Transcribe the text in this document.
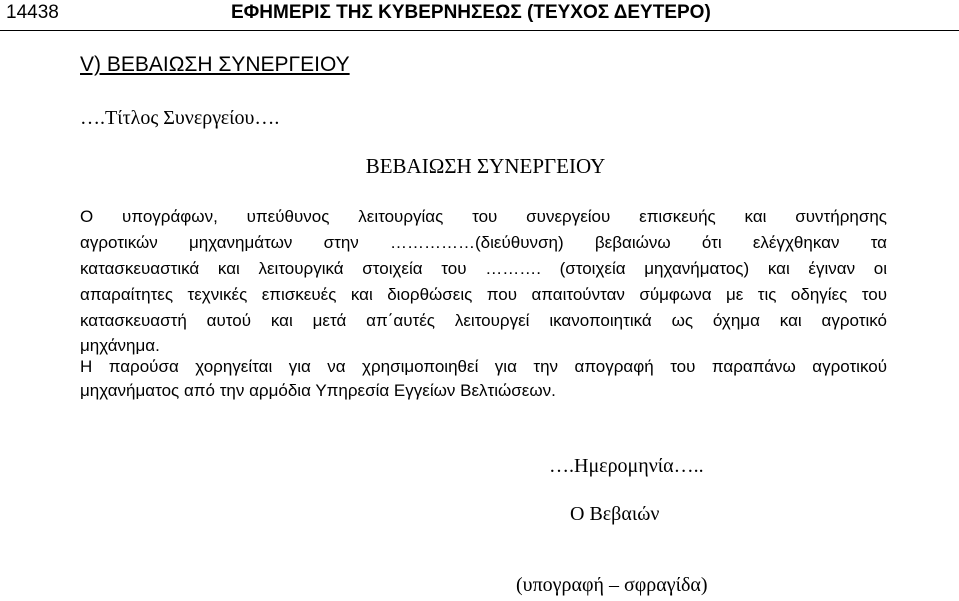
14438	ΕΦΗΜΕΡΙΣ ΤΗΣ ΚΥΒΕΡΝΗΣΕΩΣ (ΤΕΥΧΟΣ ΔΕΥΤΕΡΟ)
V) ΒΕΒΑΙΩΣΗ ΣΥΝΕΡΓΕΙΟΥ
….Τίτλος Συνεργείου….
ΒΕΒΑΙΩΣΗ ΣΥΝΕΡΓΕΙΟΥ
Ο υπογράφων, υπεύθυνος λειτουργίας του συνεργείου επισκευής και συντήρησης
αγροτικών μηχανημάτων στην ……………(διεύθυνση) βεβαιώνω ότι ελέγχθηκαν τα
κατασκευαστικά και λειτουργικά στοιχεία του ………. (στοιχεία μηχανήματος) και έγιναν οι
απαραίτητες τεχνικές επισκευές και διορθώσεις που απαιτούνταν σύμφωνα με τις οδηγίες του
κατασκευαστή αυτού και μετά απ΄αυτές λειτουργεί ικανοποιητικά ως όχημα και αγροτικό
μηχάνημα.
Η παρούσα χορηγείται για να χρησιμοποιηθεί για την απογραφή του παραπάνω αγροτικού
μηχανήματος από την αρμόδια Υπηρεσία Εγγείων Βελτιώσεων.
….Ημερομηνία…..
Ο Βεβαιών
(υπογραφή – σφραγίδα)
